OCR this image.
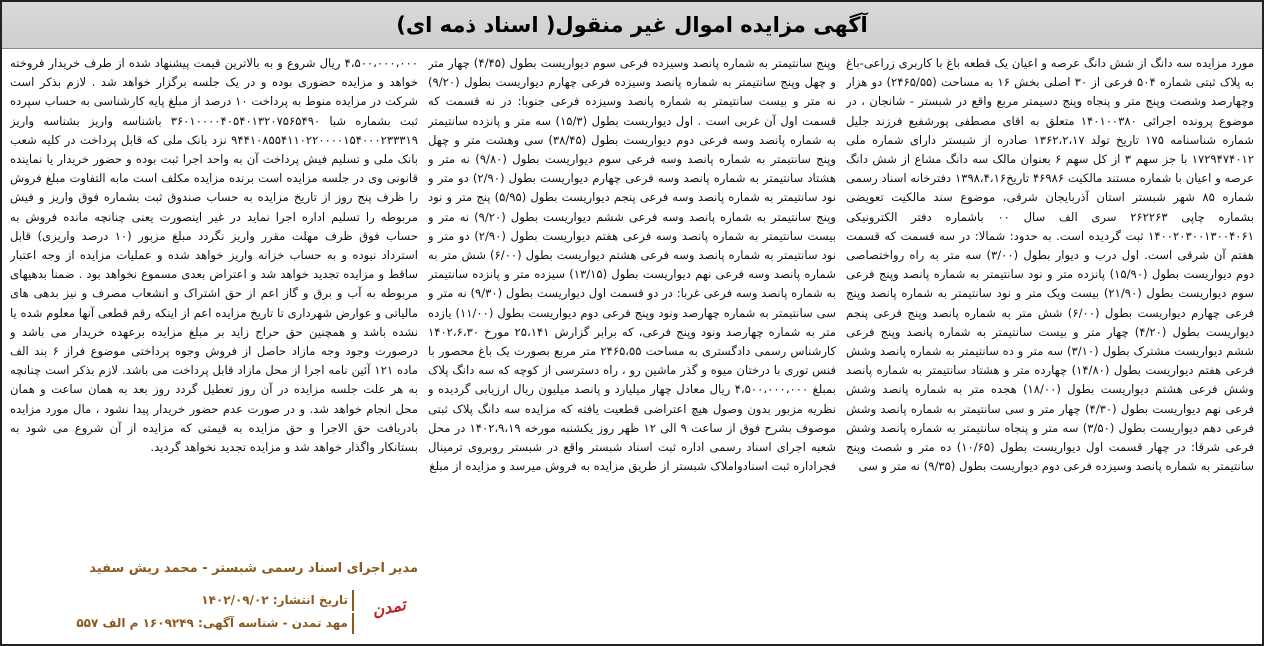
آگهی مزایده اموال غیر منقول( اسناد ذمه ای)

مورد مزایده سه دانگ از شش دانگ عرصه و اعیان یک قطعه باغ با کاربری زراعی-باغ به پلاک ثبتی شماره ۵۰۴ فرعی از ۳۰ اصلی بخش ۱۶ به مساحت (۲۴۶۵/۵۵) دو هزار وچهارصد وشصت وپنج متر و پنجاه وپنج دسیمتر مربع واقع در شبستر - شانجان ، در موضوع پرونده اجرائی ۱۴۰۱۰۰۳۸۰ متعلق به اقای مصطفی پورشفیع فرزند جلیل شماره شناسنامه ۱۷۵ تاریخ تولد ۱۳۶۲،۲،۱۷ صادره از شبستر دارای شماره ملی ۱۷۲۹۴۷۴۰۱۲ با جز سهم ۳ از کل سهم ۶ بعنوان مالک سه دانگ مشاع از شش دانگ عرصه و اعیان با شماره مستند مالکیت ۴۶۹۸۶ تاریخ۱۳۹۸،۴،۱۶ دفترخانه اسناد رسمی شماره ۸۵ شهر شبستر استان آذربایجان شرقی، موضوع سند مالکیت تعویضی بشماره چاپی ۲۶۲۲۶۳ سری الف سال ۰۰ باشماره دفتر الکترونیکی ۱۴۰۰۲۰۳۰۰۱۳۰۰۴۰۶۱ ثبت گردیده است. به حدود: شمالا: در سه قسمت که قسمت هفتم آن شرقی است. اول درب و دیوار بطول (۳/۰۰) سه متر به راه رواختصاصی دوم دیواریست بطول (۱۵/۹۰) پانزده متر و نود سانتیمتر به شماره پانصد وپنج فرعی سوم دیواریست بطول (۲۱/۹۰) بیست ویک متر و نود سانتیمتر به شماره پانصد وپنج فرعی چهارم دیواریست بطول (۶/۰۰) شش متر به شماره پانصد وپنج فرعی پنجم دیواریست بطول (۴/۲۰) چهار متر و بیست سانتیمتر به شماره پانصد وپنج فرعی ششم دیواریست مشترک بطول (۳/۱۰) سه متر و ده سانتیمتر به شماره پانصد وشش فرعی هفتم دیواریست بطول (۱۴/۸۰) چهارده متر و هشتاد سانتیمتر به شماره پانصد وشش فرعی هشتم دیواریست بطول (۱۸/۰۰) هجده متر به شماره پانصد وشش فرعی نهم دیواریست بطول (۴/۳۰) چهار متر و سی سانتیمتر به شماره پانصد وشش فرعی دهم دیواریست بطول (۳/۵۰) سه متر و پنجاه سانتیمتر به شماره پانصد وشش فرعی شرقا: در چهار قسمت اول دیواریست بطول (۱۰/۶۵) ده متر و شصت وپنج سانتیمتر به شماره پانصد وسیزده فرعی دوم دیواریست بطول (۹/۳۵) نه متر و سی

وپنج سانتیمتر به شماره پانصد وسیزده فرعی سوم دیواریست بطول (۴/۴۵) چهار متر و چهل وپنج سانتیمتر به شماره پانصد وسیزده فرعی چهارم دیواریست بطول (۹/۲۰) نه متر و بیست سانتیمتر به شماره پانصد وسیزده فرعی جنوبا: در نه قسمت که قسمت اول آن غربی است . اول دیواریست بطول (۱۵/۳) سه متر و پانزده سانتیمتر به شماره پانصد وسه فرعی دوم دیواریست بطول (۳۸/۴۵) سی وهشت متر و چهل وپنج سانتیمتر به شماره پانصد وسه فرعی سوم دیواریست بطول (۹/۸۰) نه متر و هشتاد سانتیمتر به شماره پانصد وسه فرعی چهارم دیواریست بطول (۲/۹۰) دو متر و نود سانتیمتر به شماره پانصد وسه فرعی پنجم دیواریست بطول (۵/۹۵) پنج متر و نود وپنج سانتیمتر به شماره پانصد وسه فرعی ششم دیواریست بطول (۹/۲۰) نه متر و بیست سانتیمتر به شماره پانصد وسه فرعی هفتم دیواریست بطول (۲/۹۰) دو متر و نود سانتیمتر به شماره پانصد وسه فرعی هشتم دیواریست بطول (۶/۰۰) شش متر به شماره پانصد وسه فرعی نهم دیواریست بطول (۱۳/۱۵) سیزده متر و پانزده سانتیمتر به شماره پانصد وسه فرعی غربا: در دو قسمت اول دیواریست بطول (۹/۳۰) نه متر و سی سانتیمتر به شماره چهارصد ونود وپنج فرعی دوم دیواریست بطول (۱۱/۰۰) یازده متر به شماره چهارصد ونود وپنج فرعی، که برابر گزارش ۲۵،۱۴۱ مورخ ۱۴۰۲،۶،۳۰ کارشناس رسمی دادگستری به مساحت ۲۴۶۵،۵۵ متر مربع بصورت یک باغ محصور با فنس توری با درختان میوه و گذر ماشین رو ، راه دسترسی از کوچه که سه دانگ پلاک بمبلغ ۴،۵۰۰،۰۰۰،۰۰۰ ریال معادل چهار میلیارد و پانصد میلیون ریال ارزیابی گردیده و نظریه مزبور بدون وصول هیچ اعتراضی قطعیت یافته که مزایده سه دانگ پلاک ثبتی موصوف بشرح فوق از ساعت ۹ الی ۱۲ ظهر روز یکشنبه مورخه ۱۴۰۲،۹،۱۹ در محل شعبه اجرای اسناد رسمی اداره ثبت اسناد شبستر واقع در شبستر روبروی ترمینال فجراداره ثبت اسنادواملاک شبستر از طریق مزایده به فروش میرسد و مزایده از مبلغ

۴،۵۰۰،۰۰۰،۰۰۰ ریال شروع و به بالاترین قیمت پیشنهاد شده از طرف خریدار فروخته خواهد و مزایده حضوری بوده و در یک جلسه برگزار خواهد شد . لازم بذکر است شرکت در مزایده منوط به پرداخت ۱۰ درصد از مبلغ پایه کارشناسی به حساب سپرده ثبت بشماره شبا ۳۶۰۱۰۰۰۰۴۰۵۴۰۱۳۲۰۷۵۶۵۴۹۰ باشناسه واریز بشناسه واریز ۹۴۴۱۰۸۵۵۴۱۱۰۲۲۰۰۰۰۱۵۴۰۰۰۲۳۳۳۱۹ نزد بانک ملی که قابل پرداخت در کلیه شعب بانک ملی و تسلیم فیش پرداخت آن به واحد اجرا ثبت بوده و حضور خریدار یا نماینده قانونی وی در جلسه مزایده است برنده مزایده مکلف است مابه التفاوت مبلغ فروش را ظرف پنج روز از تاریخ مزایده به حساب صندوق ثبت بشماره فوق واریز و فیش مربوطه را تسلیم اداره اجرا نماید در غیر اینصورت یعنی چنانچه مانده فروش به حساب فوق ظرف مهلت مقرر واریز نگردد مبلغ مزبور (۱۰ درصد واریزی) قابل استرداد نبوده و به حساب خزانه واریز خواهد شده و عملیات مزایده از وجه اعتبار ساقط و مزایده تجدید خواهد شد و اعتراض بعدی مسموع نخواهد بود . ضمنا بدهیهای مربوطه به آب و برق و گاز اعم از حق اشتراک و انشعاب مصرف و نیز بدهی های مالیاتی و عوارض شهرداری تا تاریخ مزایده اعم از اینکه رقم قطعی آنها معلوم شده یا نشده باشد و همچنین حق حراج زاید بر مبلغ مزایده برعهده خریدار می باشد و درصورت وجود وجه مازاد حاصل از فروش وجوه پرداختی موضوع فراز ۶ بند الف ماده ۱۲۱ آئین نامه اجرا از محل مازاد قابل پرداخت می باشد. لازم بذکر است چنانچه به هر علت جلسه مزایده در آن روز تعطیل گردد روز بعد به همان ساعت و همان محل انجام خواهد شد. و در صورت عدم حضور خریدار پیدا نشود ، مال مورد مزایده بادریافت حق الاجرا و حق مزایده به قیمتی که مزایده از آن شروع می شود به بستانکار واگذار خواهد شد و مزایده تجدید نخواهد گردید.

مدیر اجرای اسناد رسمی شبستر - محمد ریش سفید
تاریخ انتشار: ۱۴۰۲/۰۹/۰۲
مهد تمدن - شناسه آگهی: ۱۶۰۹۲۴۹ م الف ۵۵۷
تمدن
